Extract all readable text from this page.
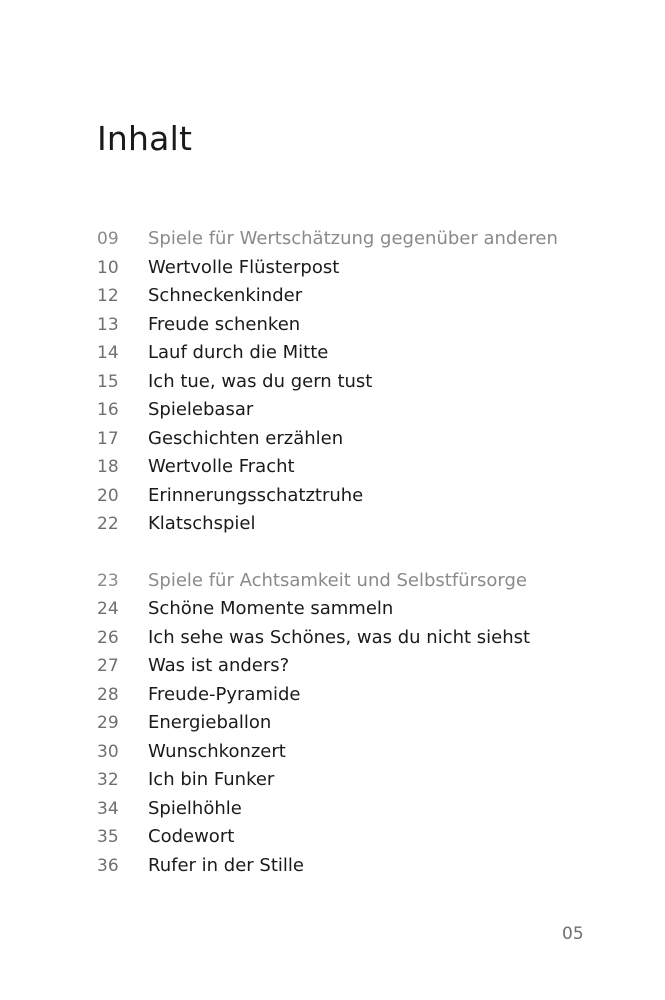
Inhalt
09	Spiele für Wertschätzung gegenüber anderen
10	Wertvolle Flüsterpost
12	Schneckenkinder
13	Freude schenken
14	Lauf durch die Mitte
15	Ich tue, was du gern tust
16	Spielebasar
17	Geschichten erzählen
18	Wertvolle Fracht
20	Erinnerungsschatztruhe
22	Klatschspiel
23	Spiele für Achtsamkeit und Selbstfürsorge
24	Schöne Momente sammeln
26	Ich sehe was Schönes, was du nicht siehst
27	Was ist anders?
28	Freude-Pyramide
29	Energieballon
30	Wunschkonzert
32	Ich bin Funker
34	Spielhöhle
35	Codewort
36	Rufer in der Stille
05
